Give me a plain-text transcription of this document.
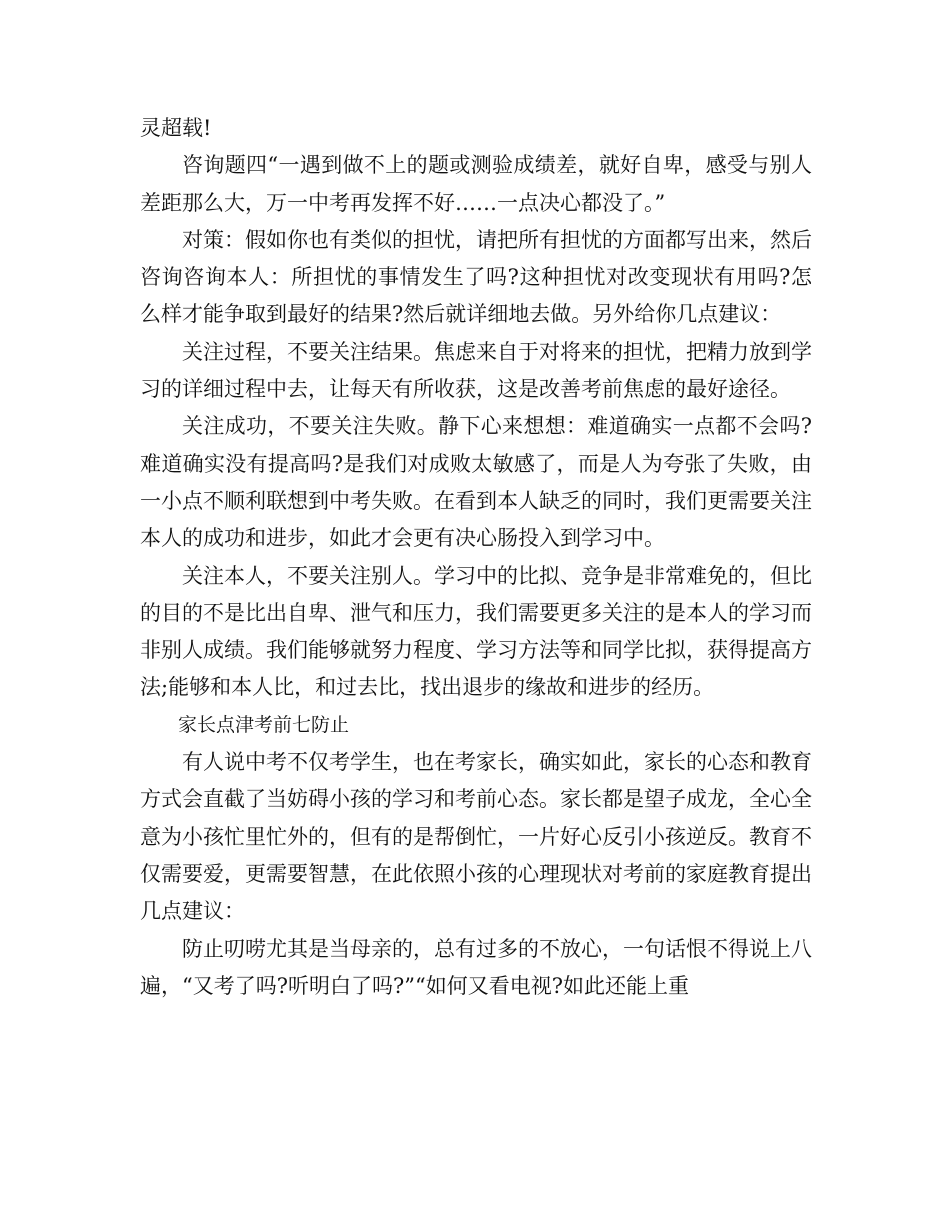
灵超载!

咨询题四“一遇到做不上的题或测验成绩差，就好自卑，感受与别人差距那么大，万一中考再发挥不好……一点决心都没了。”

对策：假如你也有类似的担忧，请把所有担忧的方面都写出来，然后咨询咨询本人：所担忧的事情发生了吗?这种担忧对改变现状有用吗?怎么样才能争取到最好的结果?然后就详细地去做。另外给你几点建议：

关注过程，不要关注结果。焦虑来自于对将来的担忧，把精力放到学习的详细过程中去，让每天有所收获，这是改善考前焦虑的最好途径。

关注成功，不要关注失败。静下心来想想：难道确实一点都不会吗?难道确实没有提高吗?是我们对成败太敏感了，而是人为夸张了失败，由一小点不顺利联想到中考失败。在看到本人缺乏的同时，我们更需要关注本人的成功和进步，如此才会更有决心肠投入到学习中。

关注本人，不要关注别人。学习中的比拟、竞争是非常难免的，但比的目的不是比出自卑、泄气和压力，我们需要更多关注的是本人的学习而非别人成绩。我们能够就努力程度、学习方法等和同学比拟，获得提高方法;能够和本人比，和过去比，找出退步的缘故和进步的经历。

家长点津考前七防止

有人说中考不仅考学生，也在考家长，确实如此，家长的心态和教育方式会直截了当妨碍小孩的学习和考前心态。家长都是望子成龙，全心全意为小孩忙里忙外的，但有的是帮倒忙，一片好心反引小孩逆反。教育不仅需要爱，更需要智慧，在此依照小孩的心理现状对考前的家庭教育提出几点建议：

防止叨唠尤其是当母亲的，总有过多的不放心，一句话恨不得说上八遍，“又考了吗?听明白了吗?”“如何又看电视?如此还能上重
